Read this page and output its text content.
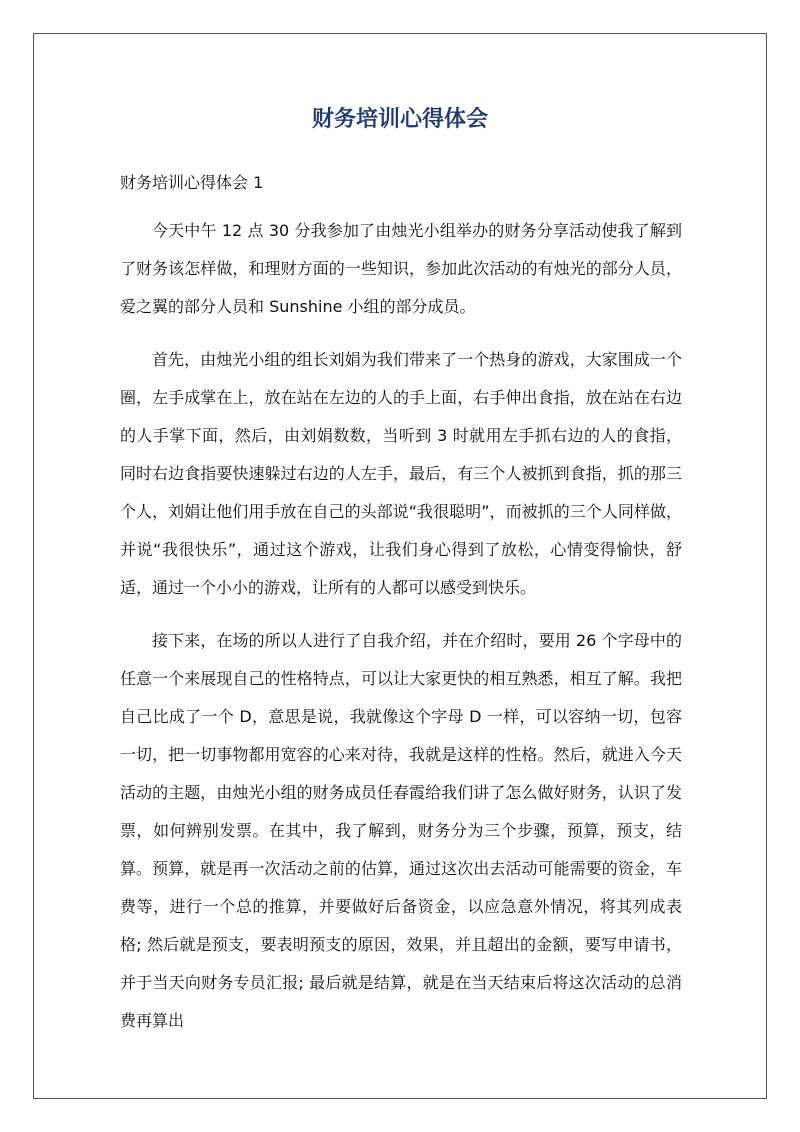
财务培训心得体会

财务培训心得体会 1

今天中午 12 点 30 分我参加了由烛光小组举办的财务分享活动使我了解到了财务该怎样做，和理财方面的一些知识，参加此次活动的有烛光的部分人员，爱之翼的部分人员和 Sunshine 小组的部分成员。

首先，由烛光小组的组长刘娟为我们带来了一个热身的游戏，大家围成一个圈，左手成掌在上，放在站在左边的人的手上面，右手伸出食指，放在站在右边的人手掌下面，然后，由刘娟数数，当听到 3 时就用左手抓右边的人的食指，同时右边食指要快速躲过右边的人左手，最后，有三个人被抓到食指，抓的那三个人，刘娟让他们用手放在自己的头部说“我很聪明”，而被抓的三个人同样做，并说“我很快乐”，通过这个游戏，让我们身心得到了放松，心情变得愉快，舒适，通过一个小小的游戏，让所有的人都可以感受到快乐。

接下来，在场的所以人进行了自我介绍，并在介绍时，要用 26 个字母中的任意一个来展现自己的性格特点，可以让大家更快的相互熟悉，相互了解。我把自己比成了一个 D，意思是说，我就像这个字母 D 一样，可以容纳一切，包容一切，把一切事物都用宽容的心来对待，我就是这样的性格。然后，就进入今天活动的主题，由烛光小组的财务成员任春霞给我们讲了怎么做好财务，认识了发票，如何辨别发票。在其中，我了解到，财务分为三个步骤，预算，预支，结算。预算，就是再一次活动之前的估算，通过这次出去活动可能需要的资金，车费等，进行一个总的推算，并要做好后备资金，以应急意外情况，将其列成表格; 然后就是预支，要表明预支的原因，效果，并且超出的金额，要写申请书，并于当天向财务专员汇报; 最后就是结算，就是在当天结束后将这次活动的总消费再算出
